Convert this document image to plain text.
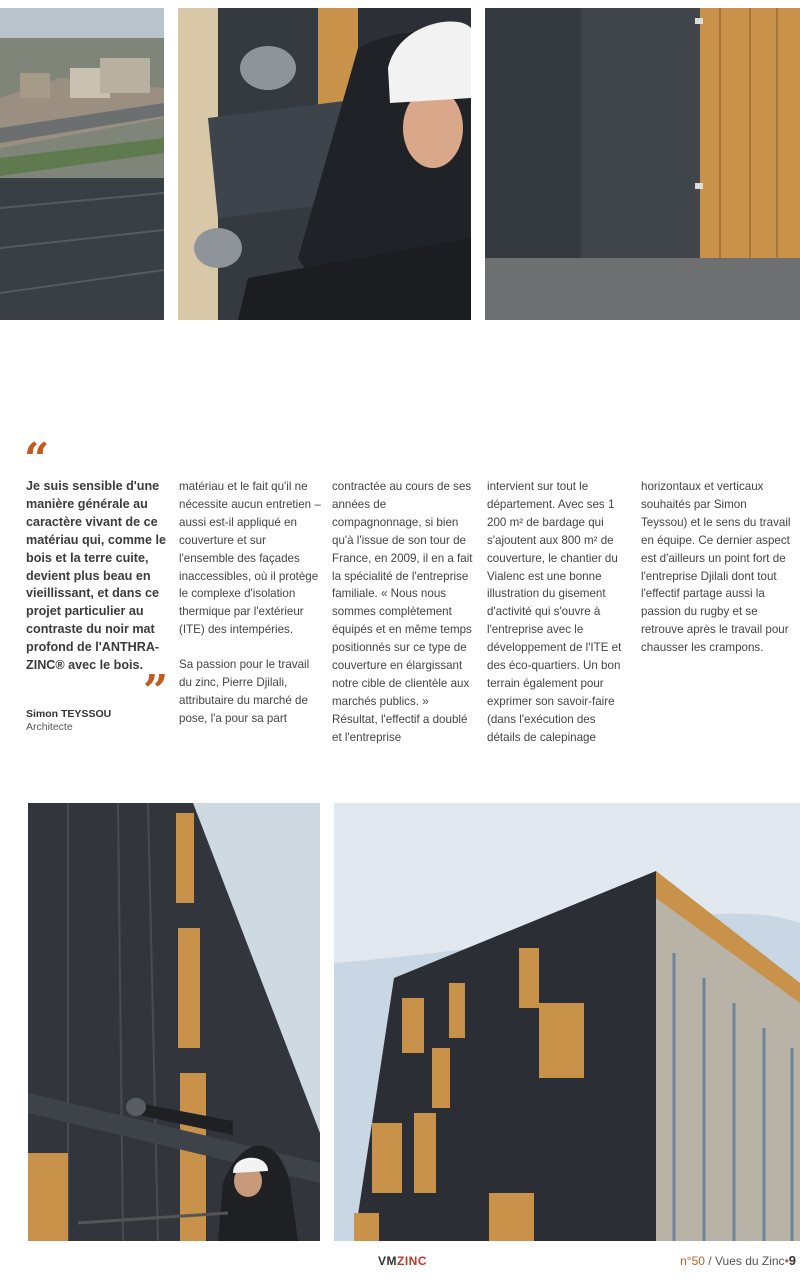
“

Je suis sensible d'une manière générale au caractère vivant de ce matériau qui, comme le bois et la terre cuite, devient plus beau en vieillissant, et dans ce projet particulier au contraste du noir mat profond de l'ANTHRA-ZINC® avec le bois.

”
Simon TEYSSOU
Architecte

matériau et le fait qu'il ne nécessite aucun entretien – aussi est-il appliqué en couverture et sur l'ensemble des façades inaccessibles, où il protège le complexe d'isolation thermique par l'extérieur (ITE) des intempéries.

Sa passion pour le travail du zinc, Pierre Djilali, attributaire du marché de pose, l'a pour sa part

contractée au cours de ses années de compagnonnage, si bien qu'à l'issue de son tour de France, en 2009, il en a fait la spécialité de l'entreprise familiale. « Nous nous sommes complètement équipés et en même temps positionnés sur ce type de couverture en élargissant notre cible de clientèle aux marchés publics. » Résultat, l'effectif a doublé et l'entreprise

intervient sur tout le département. Avec ses 1 200 m² de bardage qui s'ajoutent aux 800 m² de couverture, le chantier du Vialenc est une bonne illustration du gisement d'activité qui s'ouvre à l'entreprise avec le développement de l'ITE et des éco-quartiers. Un bon terrain également pour exprimer son savoir-faire (dans l'exécution des détails de calepinage

horizontaux et verticaux souhaités par Simon Teyssou) et le sens du travail en équipe. Ce dernier aspect est d'ailleurs un point fort de l'entreprise Djilali dont tout l'effectif partage aussi la passion du rugby et se retrouve après le travail pour chausser les crampons.

VMZINC	n°50 / Vues du Zinc•9
